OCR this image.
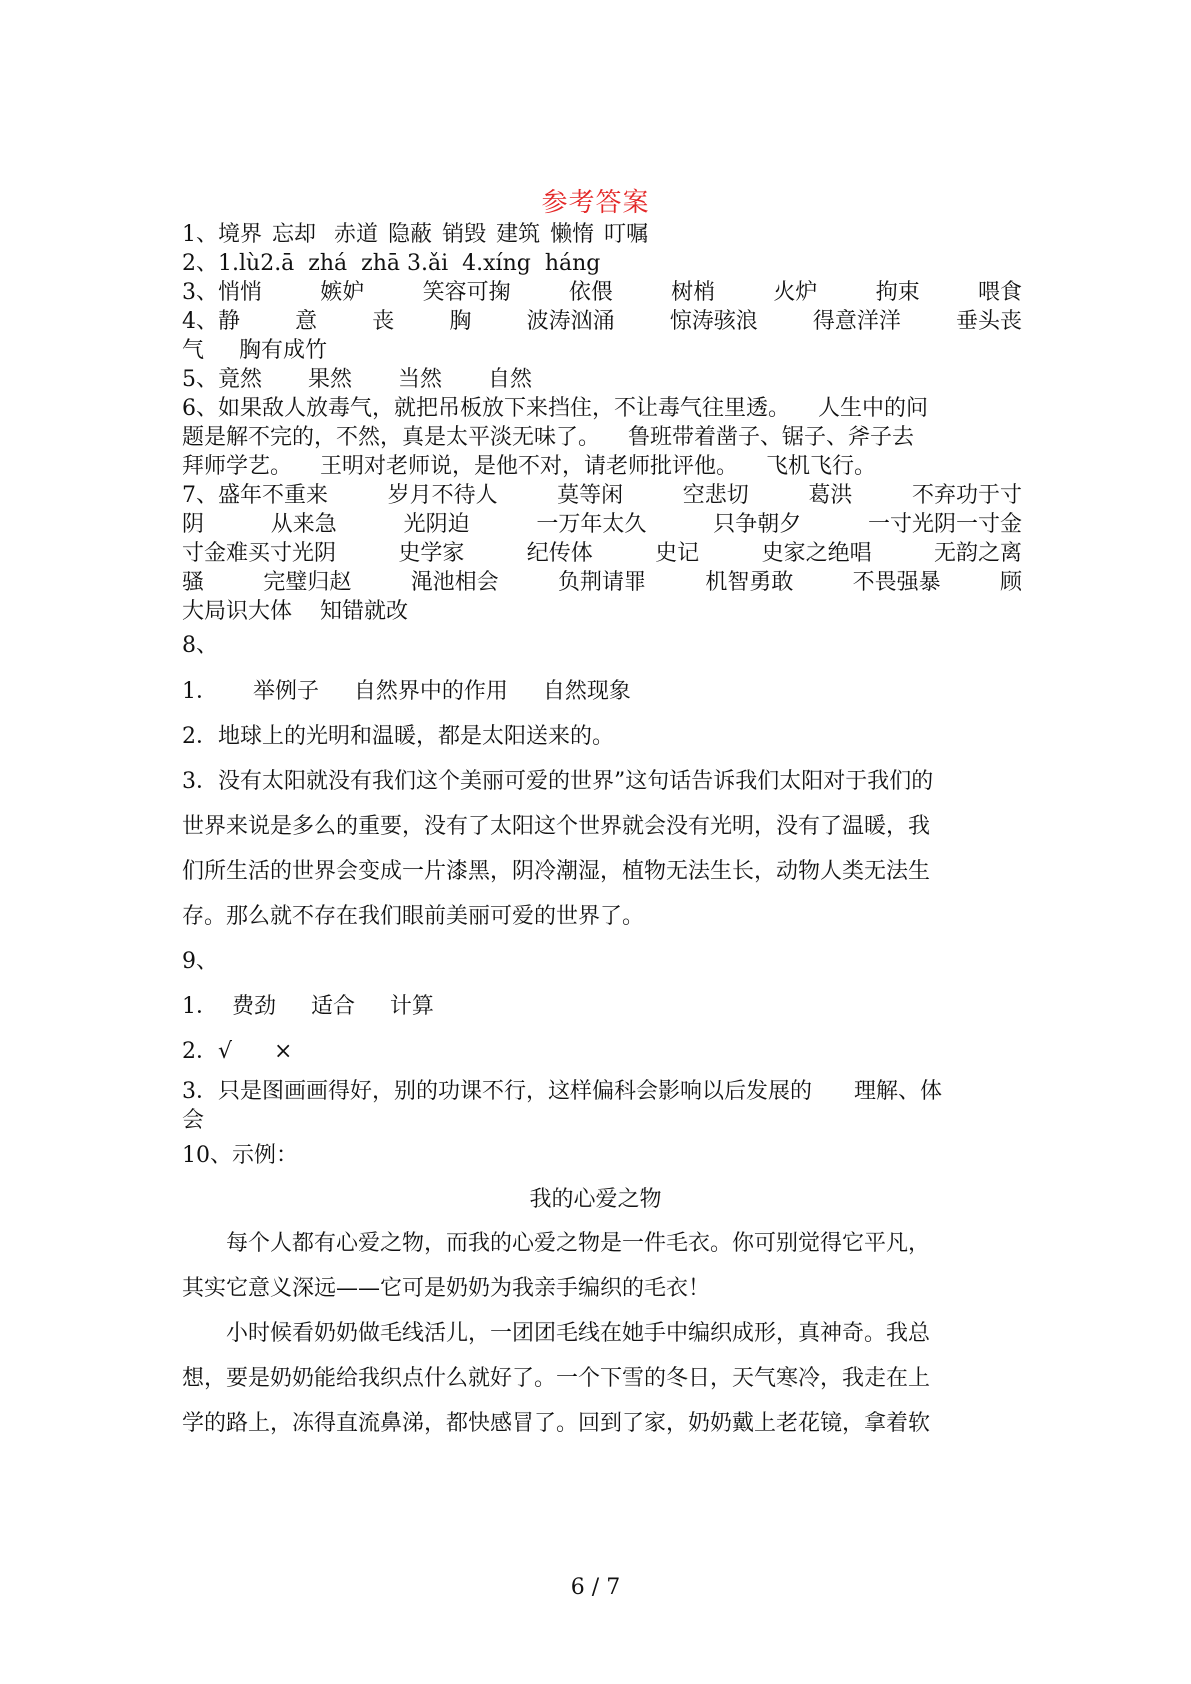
参考答案
1、境界 忘却 赤道 隐蔽 销毁 建筑 懒惰 叮嘱
2、1.lù2.ā  zhá  zhā 3.ǎi  4.xíng  háng
3、悄悄	嫉妒	笑容可掬	依偎	树梢	火炉	拘束	喂食
4、静	意	丧	胸	波涛汹涌	惊涛骇浪	得意洋洋	垂头丧
气     胸有成竹
5、竟然 果然 当然 自然
6、如果敌人放毒气，就把吊板放下来挡住，不让毒气往里透。    人生中的问
题是解不完的，不然，真是太平淡无味了。    鲁班带着凿子、锯子、斧子去
拜师学艺。    王明对老师说，是他不对，请老师批评他。    飞机飞行。
7、盛年不重来	岁月不待人	莫等闲	空悲切	葛洪	不弃功于寸
阴	从来急	光阴迫	一万年太久	只争朝夕	一寸光阴一寸金
寸金难买寸光阴	史学家	纪传体	史记	史家之绝唱	无韵之离
骚	完璧归赵	渑池相会	负荆请罪	机智勇敢	不畏强暴	顾
大局识大体    知错就改
8、
1．     举例子     自然界中的作用     自然现象
2．地球上的光明和温暖，都是太阳送来的。
3．没有太阳就没有我们这个美丽可爱的世界”这句话告诉我们太阳对于我们的
世界来说是多么的重要，没有了太阳这个世界就会没有光明，没有了温暖，我
们所生活的世界会变成一片漆黑，阴冷潮湿，植物无法生长，动物人类无法生
存。那么就不存在我们眼前美丽可爱的世界了。
9、
1．  费劲     适合     计算
2．√      ×
3．只是图画画得好，别的功课不行，这样偏科会影响以后发展的      理解、体
会
10、示例：
我的心爱之物
每个人都有心爱之物，而我的心爱之物是一件毛衣。你可别觉得它平凡，
其实它意义深远——它可是奶奶为我亲手编织的毛衣！
小时候看奶奶做毛线活儿，一团团毛线在她手中编织成形，真神奇。我总
想，要是奶奶能给我织点什么就好了。一个下雪的冬日，天气寒冷，我走在上
学的路上，冻得直流鼻涕，都快感冒了。回到了家，奶奶戴上老花镜，拿着软
6 / 7
